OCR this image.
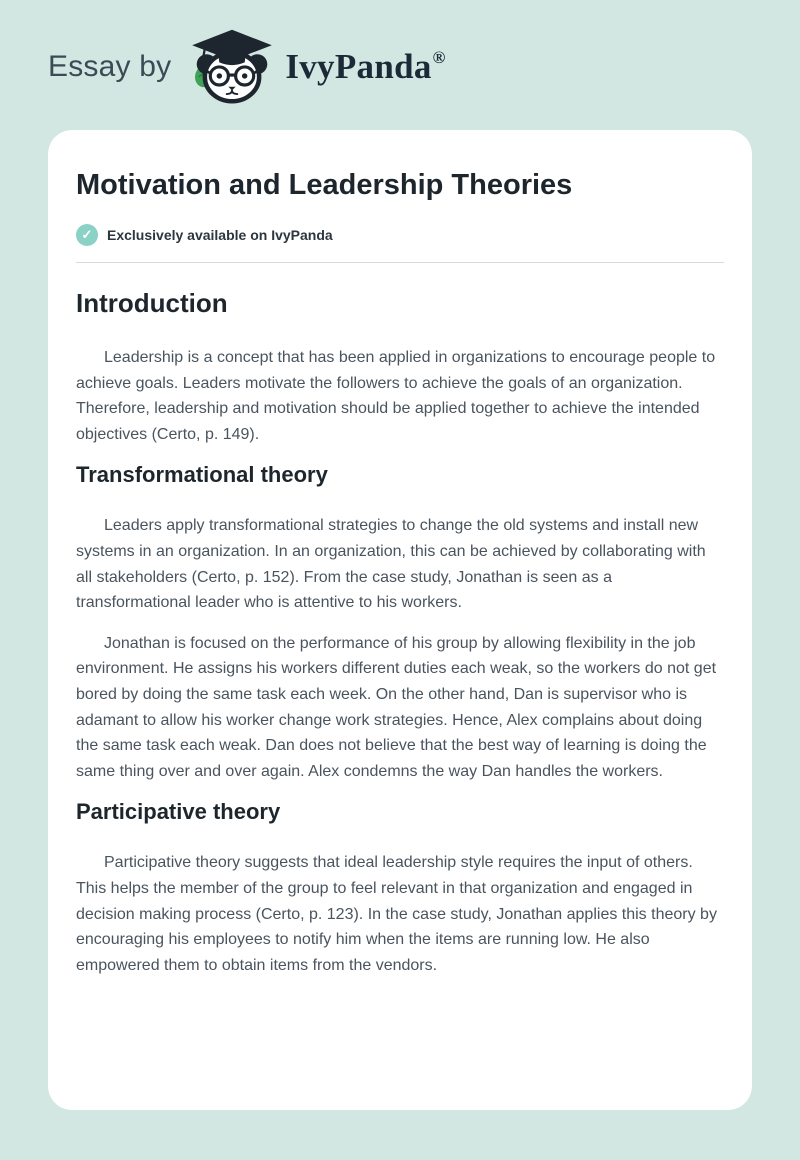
Essay by	IvyPanda®
Motivation and Leadership Theories
✓	Exclusively available on IvyPanda
Introduction

Leadership is a concept that has been applied in organizations to encourage people to achieve goals. Leaders motivate the followers to achieve the goals of an organization. Therefore, leadership and motivation should be applied together to achieve the intended objectives (Certo, p. 149).

Transformational theory

Leaders apply transformational strategies to change the old systems and install new systems in an organization. In an organization, this can be achieved by collaborating with all stakeholders (Certo, p. 152). From the case study, Jonathan is seen as a transformational leader who is attentive to his workers.

Jonathan is focused on the performance of his group by allowing flexibility in the job environment. He assigns his workers different duties each weak, so the workers do not get bored by doing the same task each week. On the other hand, Dan is supervisor who is adamant to allow his worker change work strategies. Hence, Alex complains about doing the same task each weak. Dan does not believe that the best way of learning is doing the same thing over and over again. Alex condemns the way Dan handles the workers.

Participative theory

Participative theory suggests that ideal leadership style requires the input of others. This helps the member of the group to feel relevant in that organization and engaged in decision making process (Certo, p. 123). In the case study, Jonathan applies this theory by encouraging his employees to notify him when the items are running low. He also empowered them to obtain items from the vendors.
